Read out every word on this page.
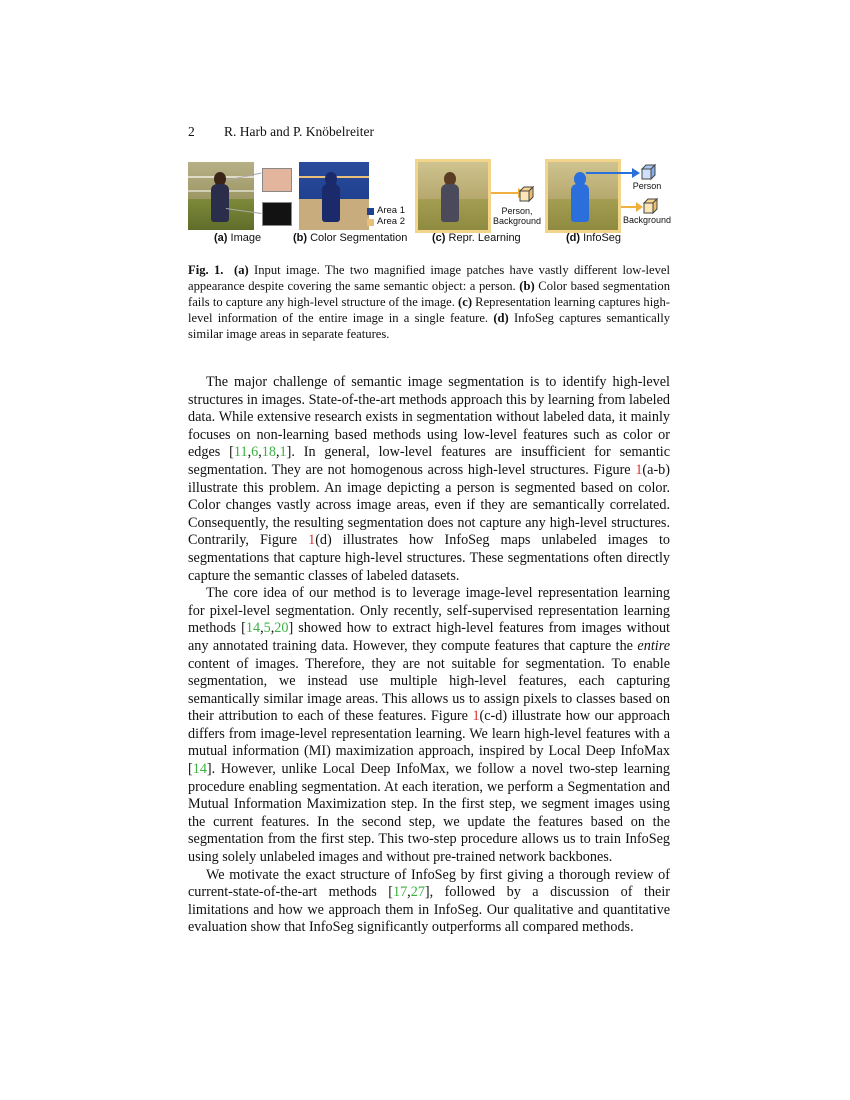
2 R. Harb and P. Knöbelreiter
(a) Image
Area 1
Area 2
(b) Color Segmentation
Person,
Background
(c) Repr. Learning
Person
Background
(d) InfoSeg
Fig. 1. (a) Input image. The two magnified image patches have vastly different low-level appearance despite covering the same semantic object: a person. (b) Color based segmentation fails to capture any high-level structure of the image. (c) Representation learning captures high-level information of the entire image in a single feature. (d) InfoSeg captures semantically similar image areas in separate features.

The major challenge of semantic image segmentation is to identify high-level structures in images. State-of-the-art methods approach this by learning from labeled data. While extensive research exists in segmentation without labeled data, it mainly focuses on non-learning based methods using low-level features such as color or edges [11,6,18,1]. In general, low-level features are insufficient for semantic segmentation. They are not homogenous across high-level structures. Figure 1(a-b) illustrate this problem. An image depicting a person is segmented based on color. Color changes vastly across image areas, even if they are semantically correlated. Consequently, the resulting segmentation does not capture any high-level structures. Contrarily, Figure 1(d) illustrates how InfoSeg maps unlabeled images to segmentations that capture high-level structures. These segmentations often directly capture the semantic classes of labeled datasets.

The core idea of our method is to leverage image-level representation learning for pixel-level segmentation. Only recently, self-supervised representation learning methods [14,5,20] showed how to extract high-level features from images without any annotated training data. However, they compute features that capture the entire content of images. Therefore, they are not suitable for segmentation. To enable segmentation, we instead use multiple high-level features, each capturing semantically similar image areas. This allows us to assign pixels to classes based on their attribution to each of these features. Figure 1(c-d) illustrate how our approach differs from image-level representation learning. We learn high-level features with a mutual information (MI) maximization approach, inspired by Local Deep InfoMax [14]. However, unlike Local Deep InfoMax, we follow a novel two-step learning procedure enabling segmentation. At each iteration, we perform a Segmentation and Mutual Information Maximization step. In the first step, we segment images using the current features. In the second step, we update the features based on the segmentation from the first step. This two-step procedure allows us to train InfoSeg using solely unlabeled images and without pre-trained network backbones.

We motivate the exact structure of InfoSeg by first giving a thorough review of current-state-of-the-art methods [17,27], followed by a discussion of their limitations and how we approach them in InfoSeg. Our qualitative and quantitative evaluation show that InfoSeg significantly outperforms all compared methods.
